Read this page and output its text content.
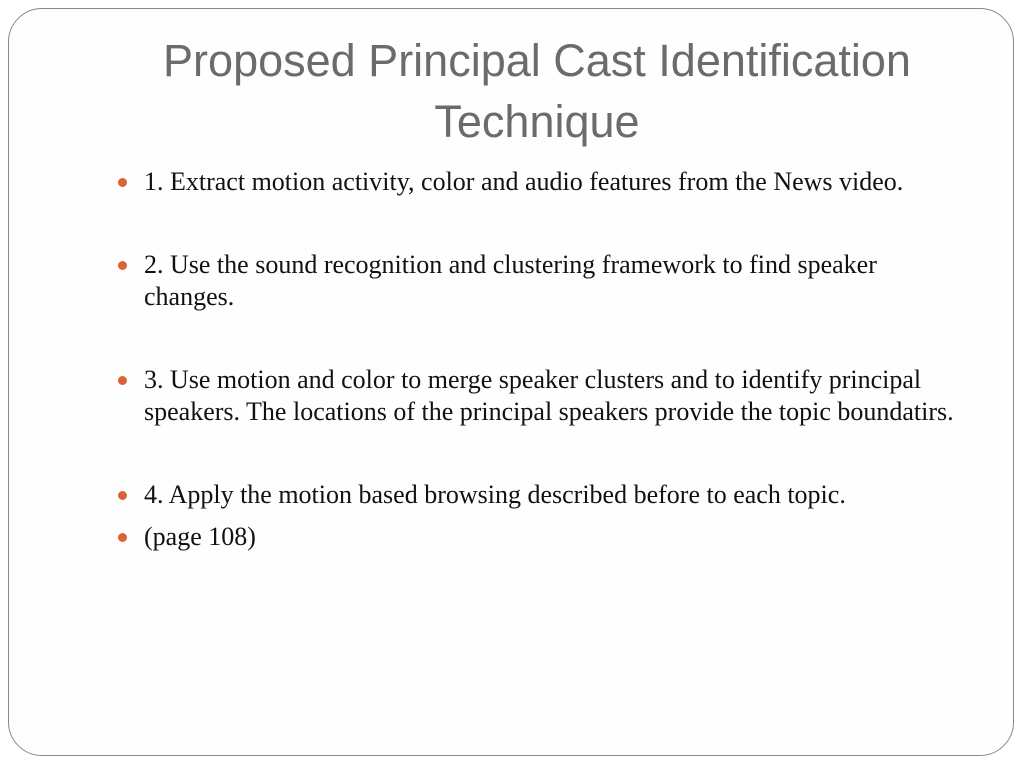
Proposed Principal Cast Identification Technique
1. Extract motion activity, color and audio features from the News video.
2. Use the sound recognition and clustering framework to find speaker changes.
3. Use motion and color to merge speaker clusters and to identify principal speakers. The locations of the principal speakers provide the topic boundatirs.
4. Apply the motion based browsing described before to each topic.
(page 108)
